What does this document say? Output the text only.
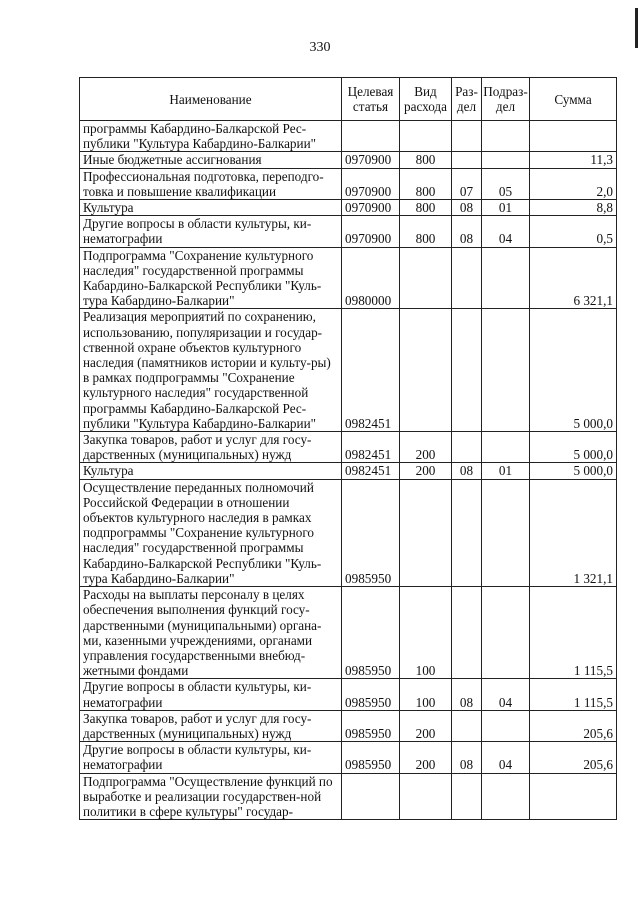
330
Наименование	Целевая статья	Вид расхода	Раз-дел	Подраз-дел	Сумма
программы Кабардино-Балкарской Рес-публики "Культура Кабардино-Балкарии"					
Иные бюджетные ассигнования	0970900	800			11,3
Профессиональная подготовка, переподго-товка и повышение квалификации	0970900	800	07	05	2,0
Культура	0970900	800	08	01	8,8
Другие вопросы в области культуры, ки-нематографии	0970900	800	08	04	0,5
Подпрограмма "Сохранение культурного наследия" государственной программы Кабардино-Балкарской Республики "Куль-тура Кабардино-Балкарии"	0980000				6 321,1
Реализация мероприятий по сохранению, использованию, популяризации и государ-ственной охране объектов культурного наследия (памятников истории и культу-ры) в рамках подпрограммы "Сохранение культурного наследия" государственной программы Кабардино-Балкарской Рес-публики "Культура Кабардино-Балкарии"	0982451				5 000,0
Закупка товаров, работ и услуг для госу-дарственных (муниципальных) нужд	0982451	200			5 000,0
Культура	0982451	200	08	01	5 000,0
Осуществление переданных полномочий Российской Федерации в отношении объектов культурного наследия в рамках подпрограммы "Сохранение культурного наследия" государственной программы Кабардино-Балкарской Республики "Куль-тура Кабардино-Балкарии"	0985950				1 321,1
Расходы на выплаты персоналу в целях обеспечения выполнения функций госу-дарственными (муниципальными) органа-ми, казенными учреждениями, органами управления государственными внебюд-жетными фондами	0985950	100			1 115,5
Другие вопросы в области культуры, ки-нематографии	0985950	100	08	04	1 115,5
Закупка товаров, работ и услуг для госу-дарственных (муниципальных) нужд	0985950	200			205,6
Другие вопросы в области культуры, ки-нематографии	0985950	200	08	04	205,6
Подпрограмма "Осуществление функций по выработке и реализации государствен-ной политики в сфере культуры" государ-					
